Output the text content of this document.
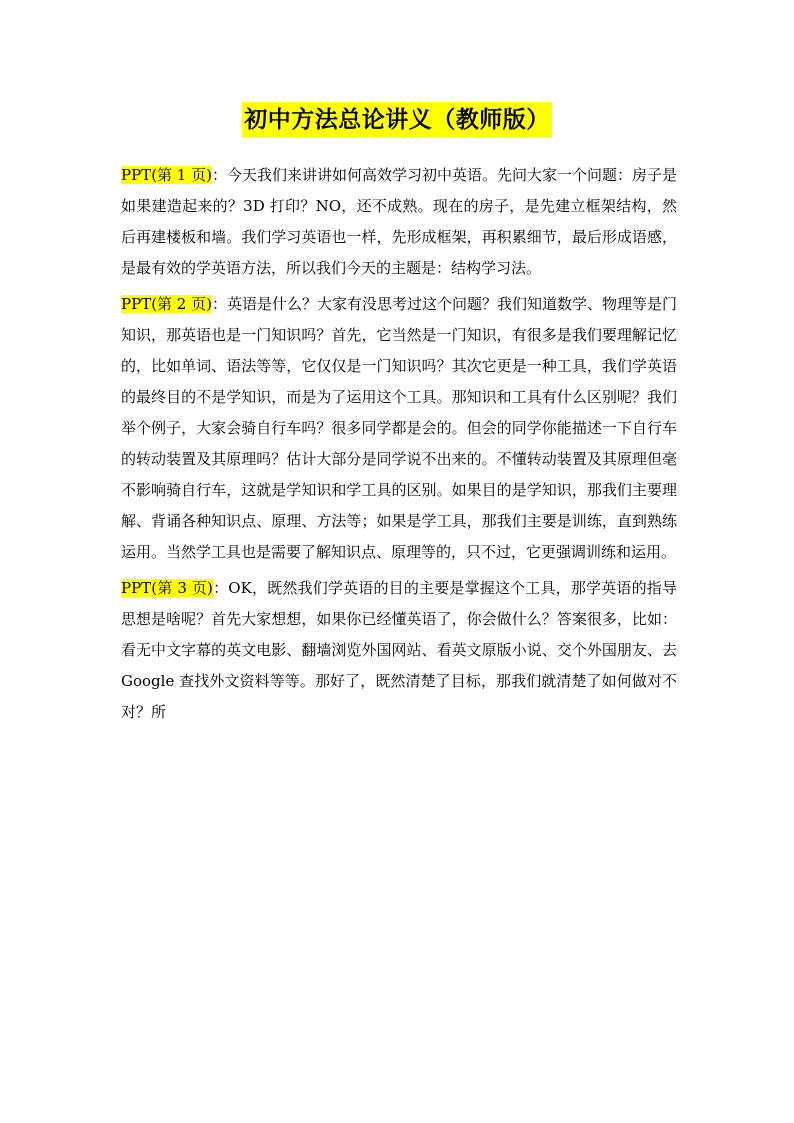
初中方法总论讲义（教师版）

PPT(第 1 页)：今天我们来讲讲如何高效学习初中英语。先问大家一个问题：房子是如果建造起来的？3D 打印？NO，还不成熟。现在的房子，是先建立框架结构，然后再建楼板和墙。我们学习英语也一样，先形成框架，再积累细节，最后形成语感，是最有效的学英语方法，所以我们今天的主题是：结构学习法。

PPT(第 2 页)：英语是什么？大家有没思考过这个问题？我们知道数学、物理等是门知识，那英语也是一门知识吗？首先，它当然是一门知识，有很多是我们要理解记忆的，比如单词、语法等等，它仅仅是一门知识吗？其次它更是一种工具，我们学英语的最终目的不是学知识，而是为了运用这个工具。那知识和工具有什么区别呢？我们举个例子，大家会骑自行车吗？很多同学都是会的。但会的同学你能描述一下自行车的转动装置及其原理吗？估计大部分是同学说不出来的。不懂转动装置及其原理但毫不影响骑自行车，这就是学知识和学工具的区别。如果目的是学知识，那我们主要理解、背诵各种知识点、原理、方法等；如果是学工具，那我们主要是训练，直到熟练运用。当然学工具也是需要了解知识点、原理等的，只不过，它更强调训练和运用。

PPT(第 3 页)：OK，既然我们学英语的目的主要是掌握这个工具，那学英语的指导思想是啥呢？首先大家想想，如果你已经懂英语了，你会做什么？答案很多，比如：看无中文字幕的英文电影、翻墙浏览外国网站、看英文原版小说、交个外国朋友、去Google 查找外文资料等等。那好了，既然清楚了目标，那我们就清楚了如何做对不对？所
